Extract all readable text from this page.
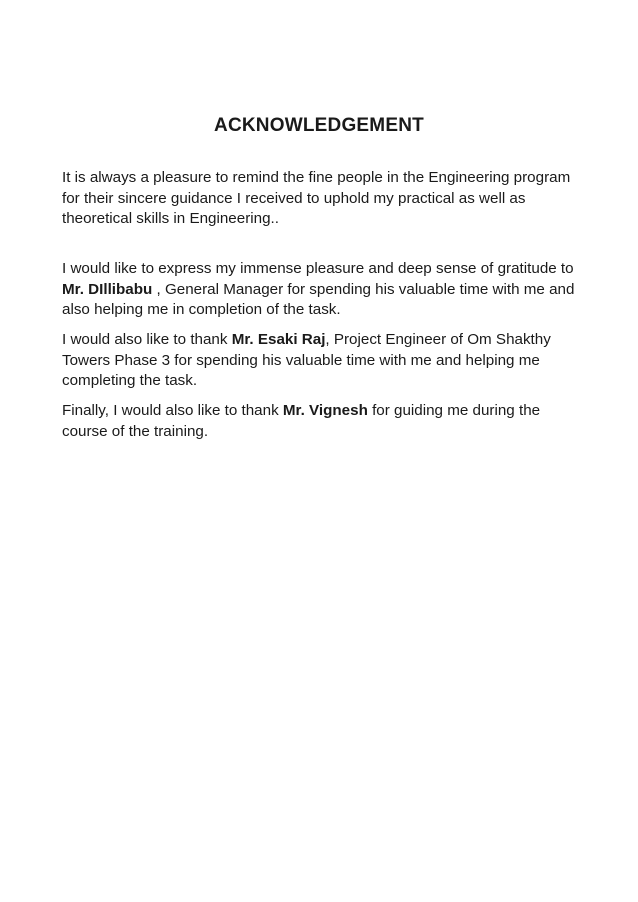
ACKNOWLEDGEMENT

It is always a pleasure to remind the fine people in the Engineering program for their sincere guidance I received to uphold my practical as well as theoretical skills in Engineering..

I would like to express my immense pleasure and deep sense of gratitude to Mr. DIllibabu , General Manager for spending his valuable time with me and also helping me in completion of the task.

I would also like to thank Mr. Esaki Raj, Project Engineer of Om Shakthy Towers Phase 3 for spending his valuable time with me and helping me completing the task.

Finally, I would also like to thank Mr. Vignesh for guiding me during the course of the training.
